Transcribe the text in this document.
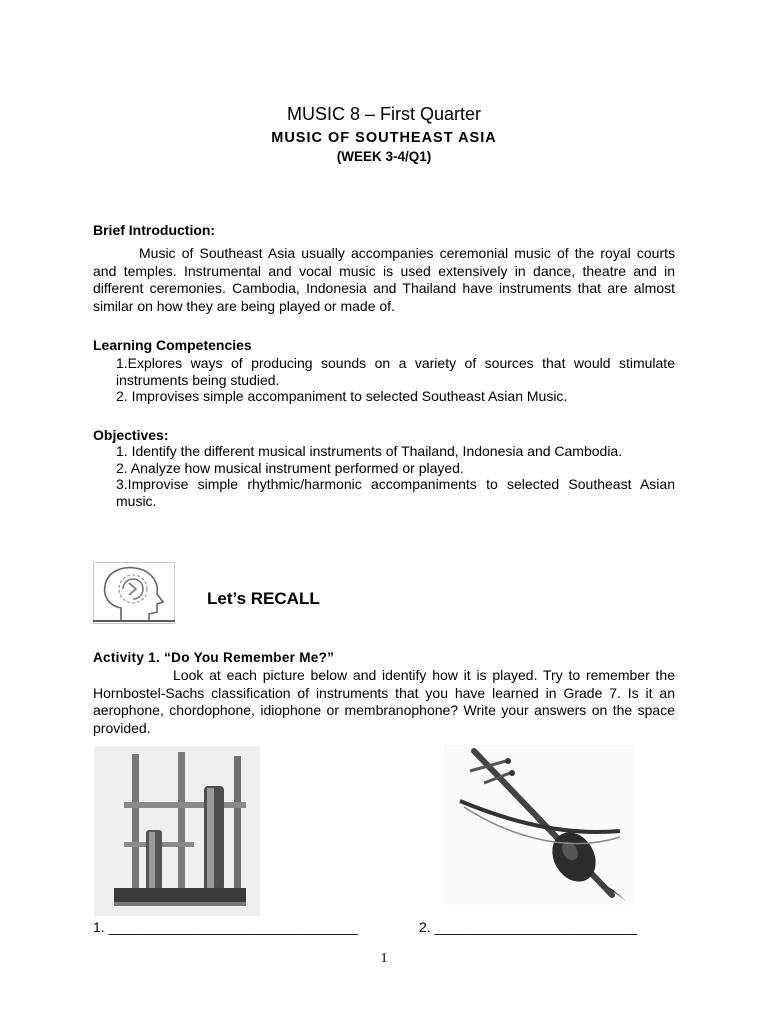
MUSIC 8 – First Quarter
MUSIC OF SOUTHEAST ASIA
(WEEK 3-4/Q1)
Brief Introduction:

Music of Southeast Asia usually accompanies ceremonial music of the royal courts and temples. Instrumental and vocal music is used extensively in dance, theatre and in different ceremonies. Cambodia, Indonesia and Thailand have instruments that are almost similar on how they are being played or made of.

Learning Competencies
1.Explores ways of producing sounds on a variety of sources that would stimulate instruments being studied.
2. Improvises simple accompaniment to selected Southeast Asian Music.
Objectives:
1. Identify the different musical instruments of Thailand, Indonesia and Cambodia.
2. Analyze how musical instrument performed or played.
3.Improvise simple rhythmic/harmonic accompaniments to selected Southeast Asian music.
Let’s RECALL
Activity 1. “Do You Remember Me?”

Look at each picture below and identify how it is played. Try to remember the Hornbostel-Sachs classification of instruments that you have learned in Grade 7. Is it an aerophone, chordophone, idiophone or membranophone? Write your answers on the space provided.

1. ________________________________	2. __________________________
1
